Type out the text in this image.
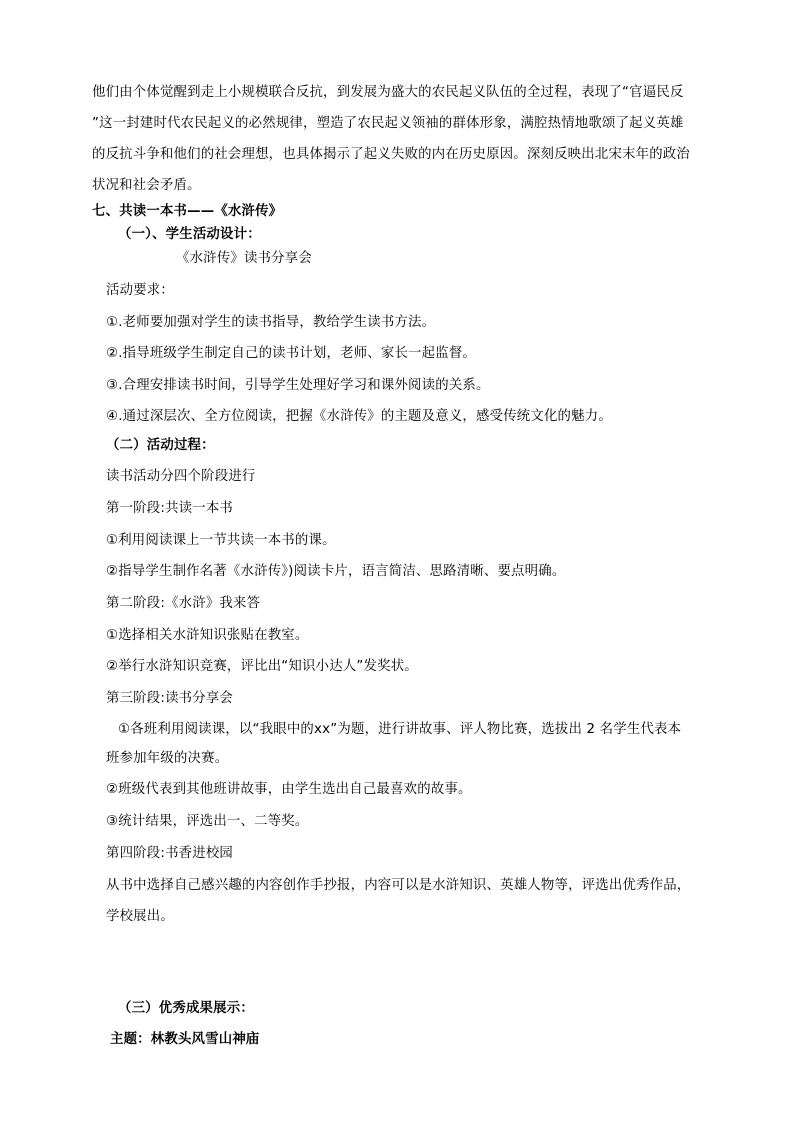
他们由个体觉醒到走上小规模联合反抗，到发展为盛大的农民起义队伍的全过程，表现了“官逼民反
”这一封建时代农民起义的必然规律，塑造了农民起义领袖的群体形象，满腔热情地歌颂了起义英雄
的反抗斗争和他们的社会理想，也具体揭示了起义失败的内在历史原因。深刻反映出北宋末年的政治
状况和社会矛盾。
七、共读一本书——《水浒传》
（一）、学生活动设计：
《水浒传》读书分享会
活动要求：
①.老师要加强对学生的读书指导，教给学生读书方法。
②.指导班级学生制定自己的读书计划，老师、家长一起监督。
③.合理安排读书时间，引导学生处理好学习和课外阅读的关系。
④.通过深层次、全方位阅读，把握《水浒传》的主题及意义，感受传统文化的魅力。
（二）活动过程：
读书活动分四个阶段进行
第一阶段:共读一本书
①利用阅读课上一节共读一本书的课。
②指导学生制作名著《水浒传》)阅读卡片，语言简洁、思路清晰、要点明确。
第二阶段:《水浒》我来答
①选择相关水浒知识张贴在教室。
②举行水浒知识竞赛，评比出“知识小达人”发奖状。
第三阶段:读书分享会
①各班利用阅读课，以“我眼中的xx”为题，进行讲故事、评人物比赛，选拔出 2 名学生代表本
班参加年级的决赛。
②班级代表到其他班讲故事，由学生选出自己最喜欢的故事。
③统计结果，评选出一、二等奖。
第四阶段:书香进校园
从书中选择自己感兴趣的内容创作手抄报，内容可以是水浒知识、英雄人物等，评选出优秀作品，
学校展出。
（三）优秀成果展示：
主题：林教头风雪山神庙
